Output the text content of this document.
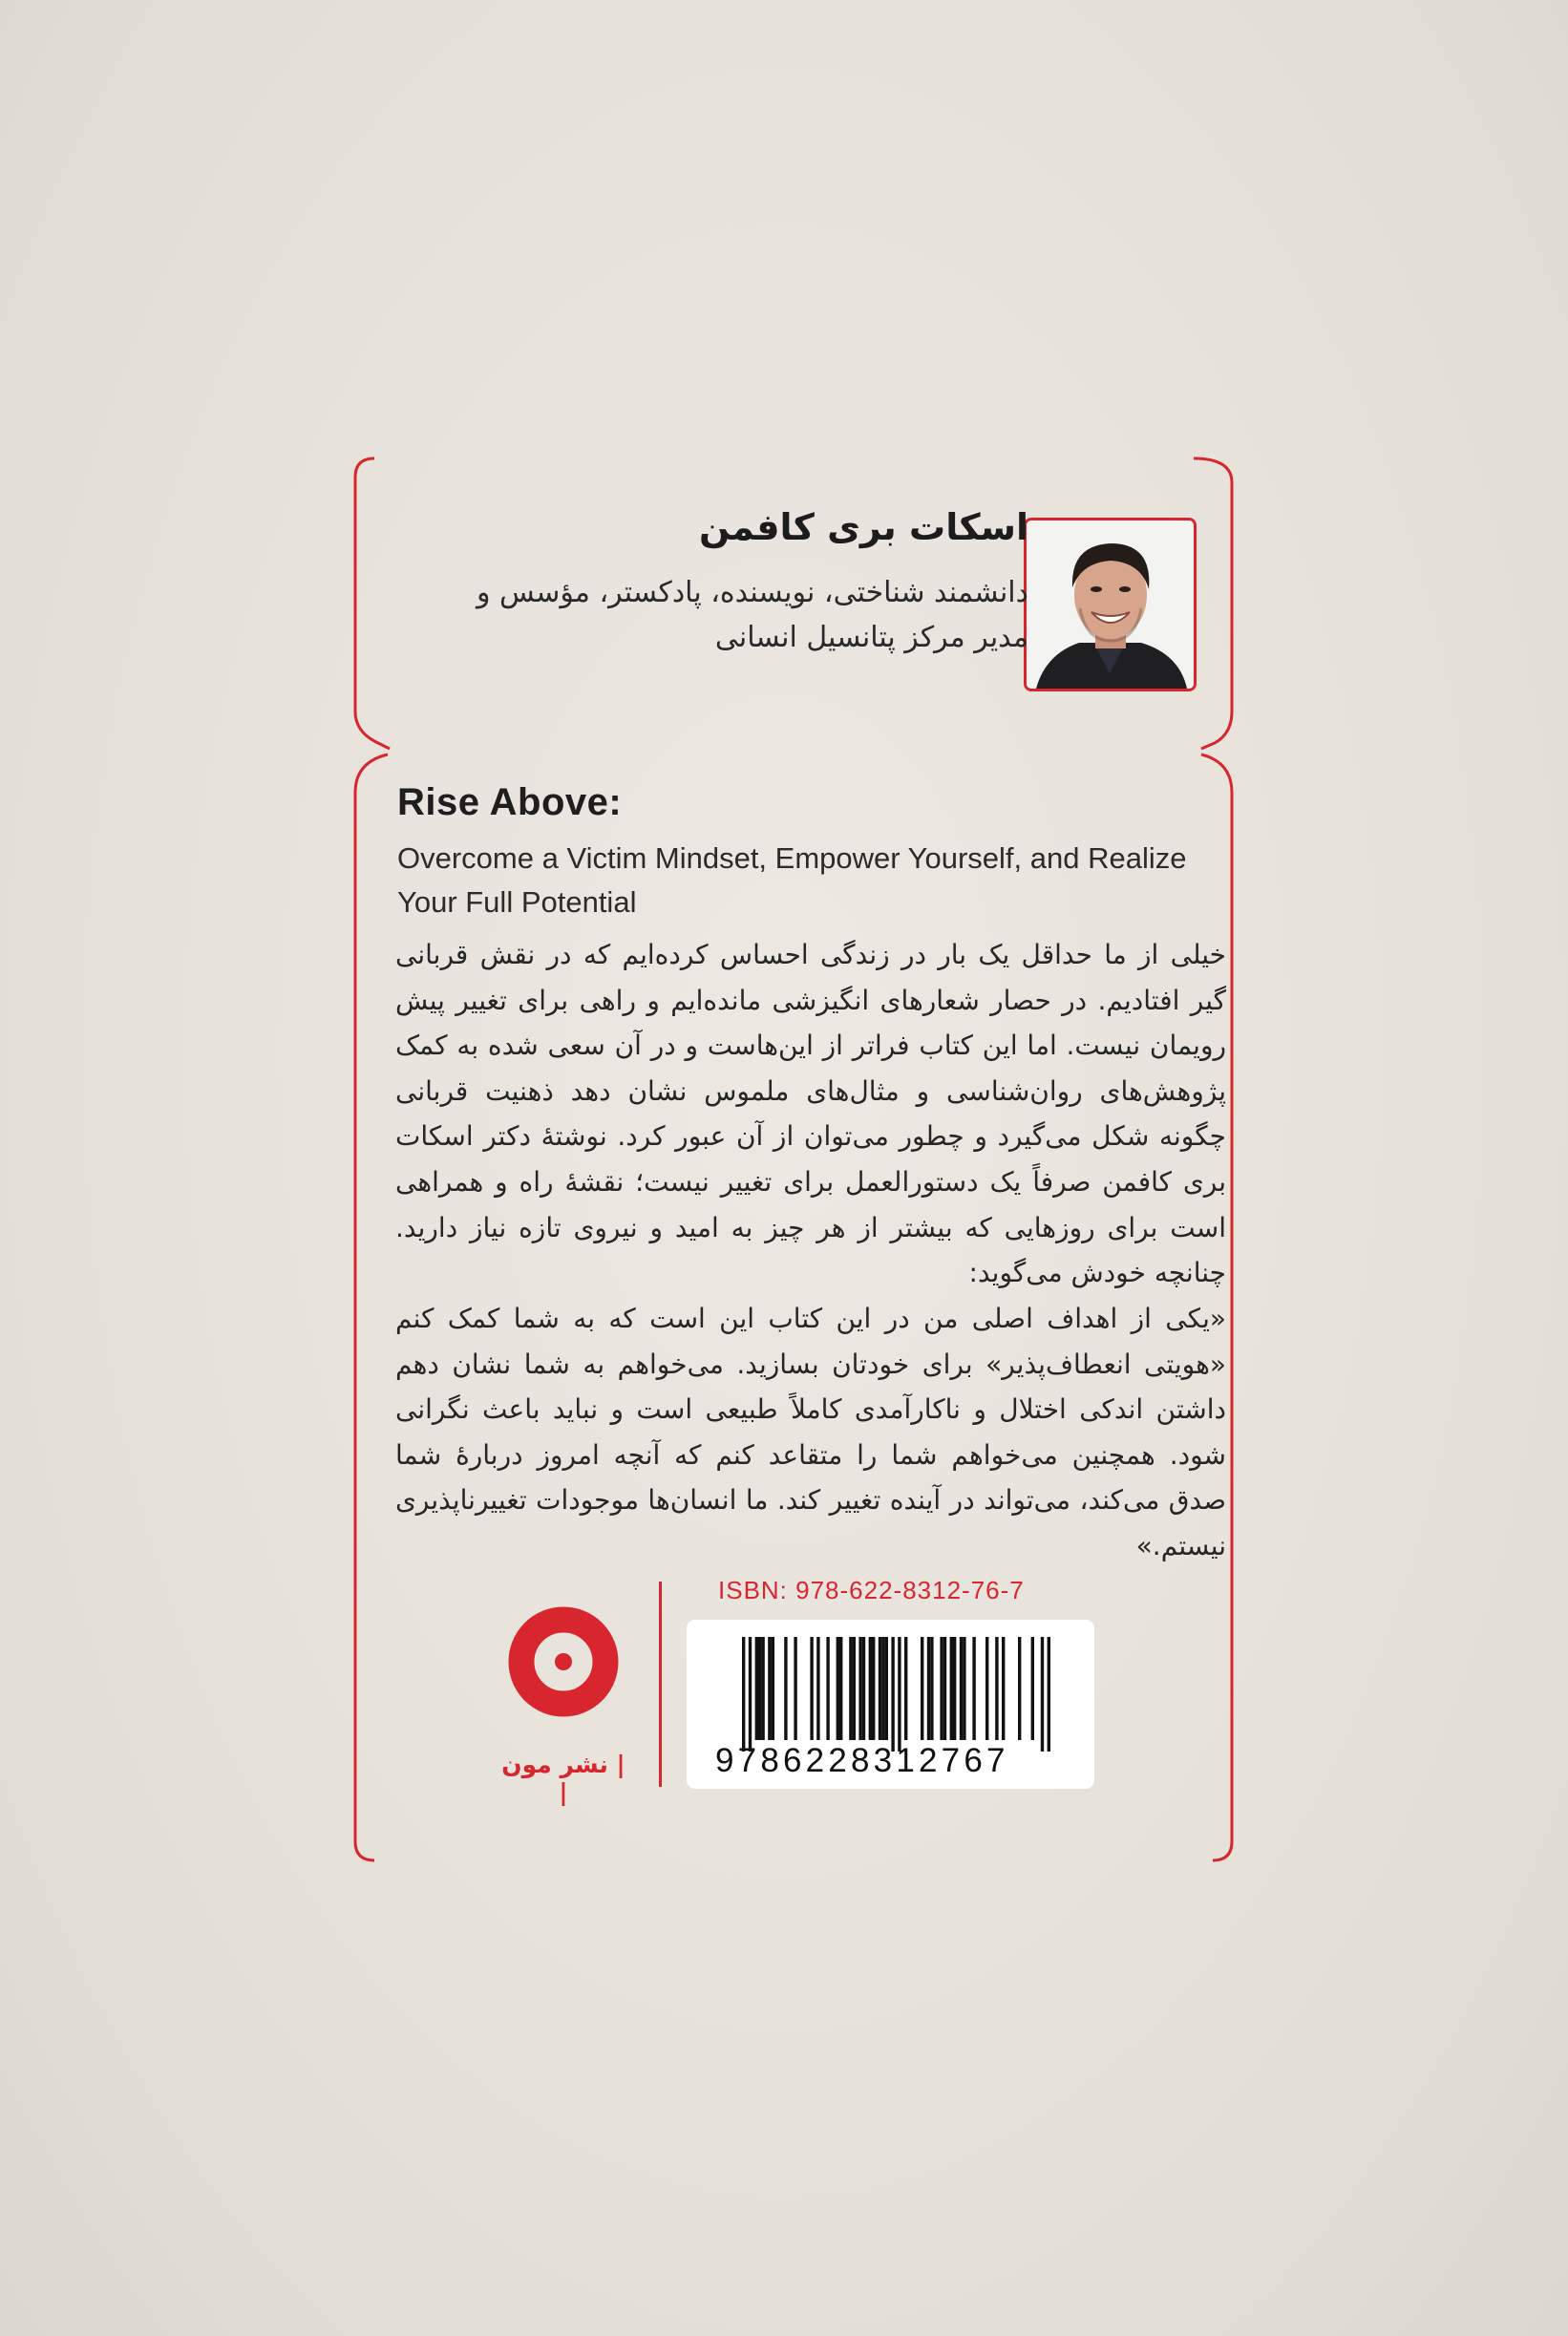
اسکات بری کافمن
دانشمند شناختی، نویسنده، پادکستر، مؤسس و
مدیر مرکز پتانسیل انسانی
Rise Above:
Overcome a Victim Mindset, Empower Yourself, and Realize Your Full Potential
خیلی از ما حداقل یک بار در زندگی احساس کرده‌ایم که در نقش قربانی گیر افتادیم. در حصار شعارهای انگیزشی مانده‌ایم و راهی برای تغییر پیش رویمان نیست. اما این کتاب فراتر از این‌هاست و در آن سعی شده به کمک پژوهش‌های روان‌شناسی و مثال‌های ملموس نشان دهد ذهنیت قربانی چگونه شکل می‌گیرد و چطور می‌توان از آن عبور کرد. نوشتهٔ دکتر اسکات بری کافمن صرفاً یک دستورالعمل برای تغییر نیست؛ نقشهٔ راه و همراهی است برای روزهایی که بیشتر از هر چیز به امید و نیروی تازه نیاز دارید. چنانچه خودش می‌گوید:
«یکی از اهداف اصلی من در این کتاب این است که به شما کمک کنم «هویتی انعطاف‌پذیر» برای خودتان بسازید. می‌خواهم به شما نشان دهم داشتن اندکی اختلال و ناکارآمدی کاملاً طبیعی است و نباید باعث نگرانی شود. همچنین می‌خواهم شما را متقاعد کنم که آنچه امروز دربارهٔ شما صدق می‌کند، می‌تواند در آینده تغییر کند. ما انسان‌ها موجودات تغییرناپذیری نیستم.»
| نشر مون |
ISBN: 978-622-8312-76-7
9786228312767
